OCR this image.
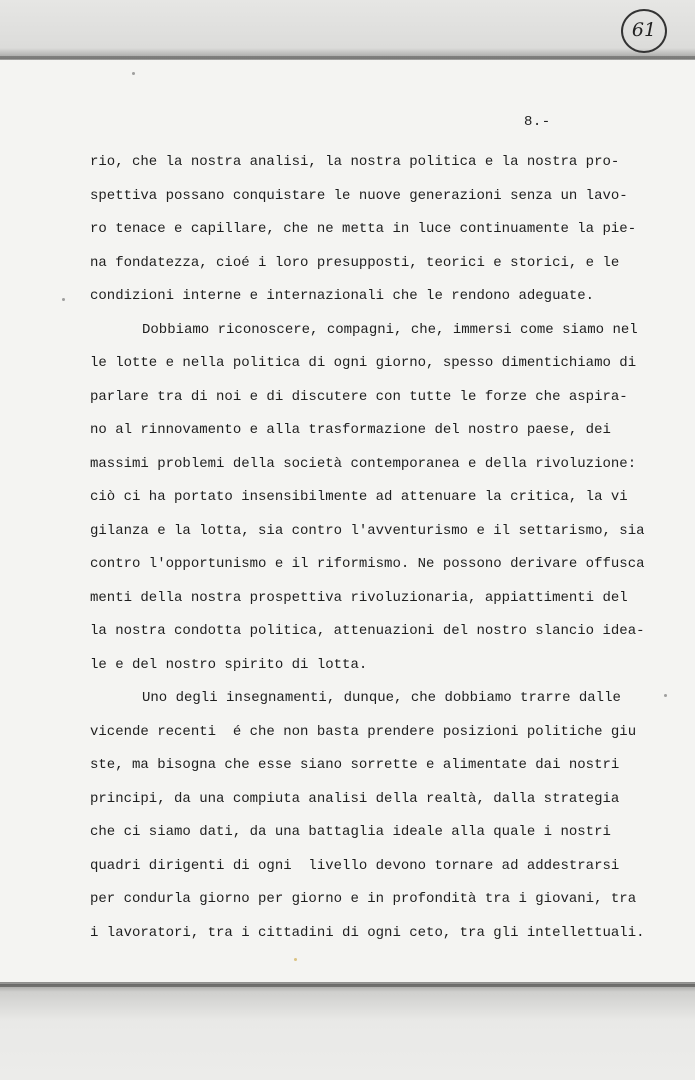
61
8.-
rio, che la nostra analisi, la nostra politica e la nostra pro-
spettiva possano conquistare le nuove generazioni senza un lavo-
ro tenace e capillare, che ne metta in luce continuamente la pie-
na fondatezza, cioé i loro presupposti, teorici e storici, e le
condizioni interne e internazionali che le rendono adeguate.
Dobbiamo riconoscere, compagni, che, immersi come siamo nel
le lotte e nella politica di ogni giorno, spesso dimentichiamo di
parlare tra di noi e di discutere con tutte le forze che aspira-
no al rinnovamento e alla trasformazione del nostro paese, dei
massimi problemi della società contemporanea e della rivoluzione:
ciò ci ha portato insensibilmente ad attenuare la critica, la vi
gilanza e la lotta, sia contro l'avventurismo e il settarismo, sia
contro l'opportunismo e il riformismo. Ne possono derivare offusca
menti della nostra prospettiva rivoluzionaria, appiattimenti del
la nostra condotta politica, attenuazioni del nostro slancio idea-
le e del nostro spirito di lotta.
Uno degli insegnamenti, dunque, che dobbiamo trarre dalle
vicende recenti  é che non basta prendere posizioni politiche giu
ste, ma bisogna che esse siano sorrette e alimentate dai nostri
principi, da una compiuta analisi della realtà, dalla strategia
che ci siamo dati, da una battaglia ideale alla quale i nostri
quadri dirigenti di ogni  livello devono tornare ad addestrarsi
per condurla giorno per giorno e in profondità tra i giovani, tra
i lavoratori, tra i cittadini di ogni ceto, tra gli intellettuali.
